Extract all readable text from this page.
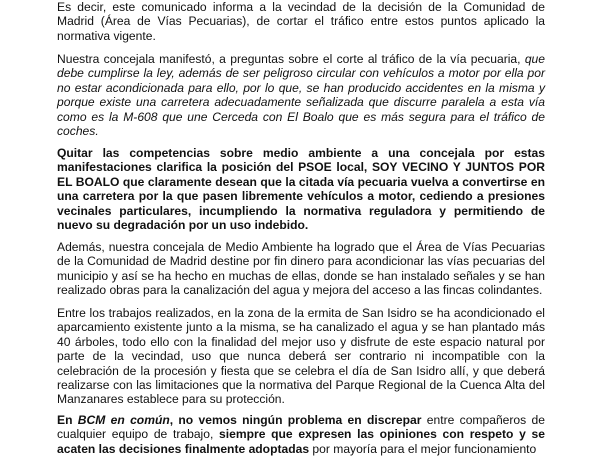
Es decir, este comunicado informa a la vecindad de la decisión de la Comunidad de Madrid (Área de Vías Pecuarias), de cortar el tráfico entre estos puntos aplicado la normativa vigente.

Nuestra concejala manifestó, a preguntas sobre el corte al tráfico de la vía pecuaria, que debe cumplirse la ley, además de ser peligroso circular con vehículos a motor por ella por no estar acondicionada para ello, por lo que, se han producido accidentes en la misma y porque existe una carretera adecuadamente señalizada que discurre paralela a esta vía como es la M-608 que une Cerceda con El Boalo que es más segura para el tráfico de coches.

Quitar las competencias sobre medio ambiente a una concejala por estas manifestaciones clarifica la posición del PSOE local, SOY VECINO Y JUNTOS POR EL BOALO que claramente desean que la citada vía pecuaria vuelva a convertirse en una carretera por la que pasen libremente vehículos a motor, cediendo a presiones vecinales particulares, incumpliendo la normativa reguladora y permitiendo de nuevo su degradación por un uso indebido.

Además, nuestra concejala de Medio Ambiente ha logrado que el Área de Vías Pecuarias de la Comunidad de Madrid destine por fin dinero para acondicionar las vías pecuarias del municipio y así se ha hecho en muchas de ellas, donde se han instalado señales y se han realizado obras para la canalización del agua y mejora del acceso a las fincas colindantes.

Entre los trabajos realizados, en la zona de la ermita de San Isidro se ha acondicionado el aparcamiento existente junto a la misma, se ha canalizado el agua y se han plantado más 40 árboles, todo ello con la finalidad del mejor uso y disfrute de este espacio natural por parte de la vecindad, uso que nunca deberá ser contrario ni incompatible con la celebración de la procesión y fiesta que se celebra el día de San Isidro allí, y que deberá realizarse con las limitaciones que la normativa del Parque Regional de la Cuenca Alta del Manzanares establece para su protección.

En BCM en común, no vemos ningún problema en discrepar entre compañeros de cualquier equipo de trabajo, siempre que expresen las opiniones con respeto y se acaten las decisiones finalmente adoptadas por mayoría para el mejor funcionamiento
